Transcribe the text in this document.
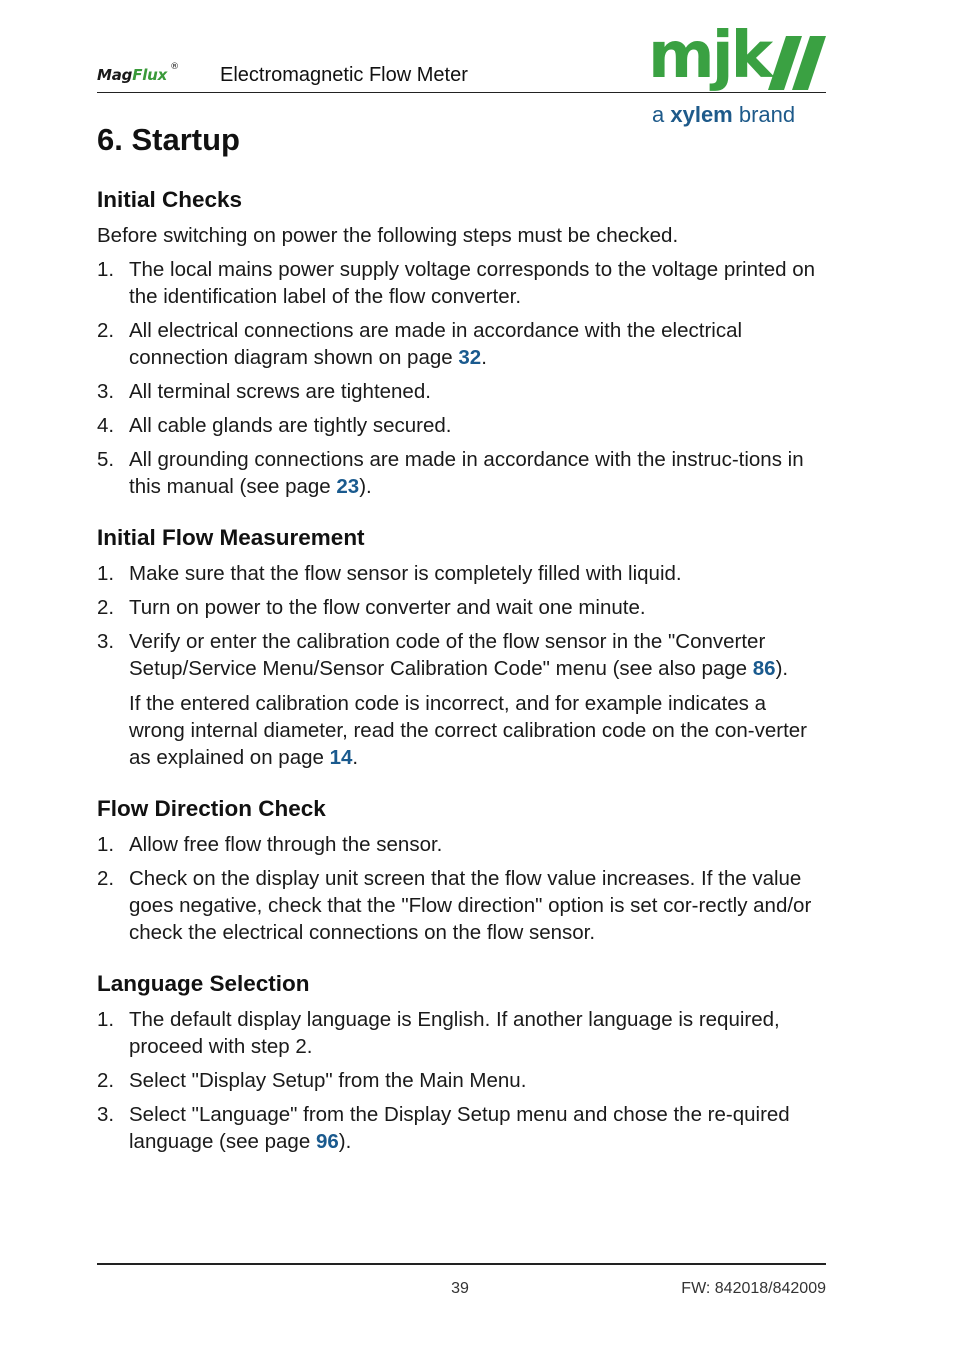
MagFlux ® Electromagnetic Flow Meter	mjk
a xylem brand
6. Startup
Initial Checks

Before switching on power the following steps must be checked.

1. The local mains power supply voltage corresponds to the voltage printed on the identification label of the flow converter.
2. All electrical connections are made in accordance with the electrical connection diagram shown on page 32.
3. All terminal screws are tightened.
4. All cable glands are tightly secured.
5. All grounding connections are made in accordance with the instruc-tions in this manual (see page 23).
Initial Flow Measurement
1. Make sure that the flow sensor is completely filled with liquid.
2. Turn on power to the flow converter and wait one minute.
3. Verify or enter the calibration code of the flow sensor in the "Converter Setup/Service Menu/Sensor Calibration Code" menu (see also page 86).
If the entered calibration code is incorrect, and for example indicates a wrong internal diameter, read the correct calibration code on the con-verter as explained on page 14.
Flow Direction Check
1. Allow free flow through the sensor.
2. Check on the display unit screen that the flow value increases. If the value goes negative, check that the "Flow direction" option is set cor-rectly and/or check the electrical connections on the flow sensor.
Language Selection
1. The default display language is English. If another language is required, proceed with step 2.
2. Select "Display Setup" from the Main Menu.
3. Select "Language" from the Display Setup menu and chose the re-quired language (see page 96).
39	FW: 842018/842009
